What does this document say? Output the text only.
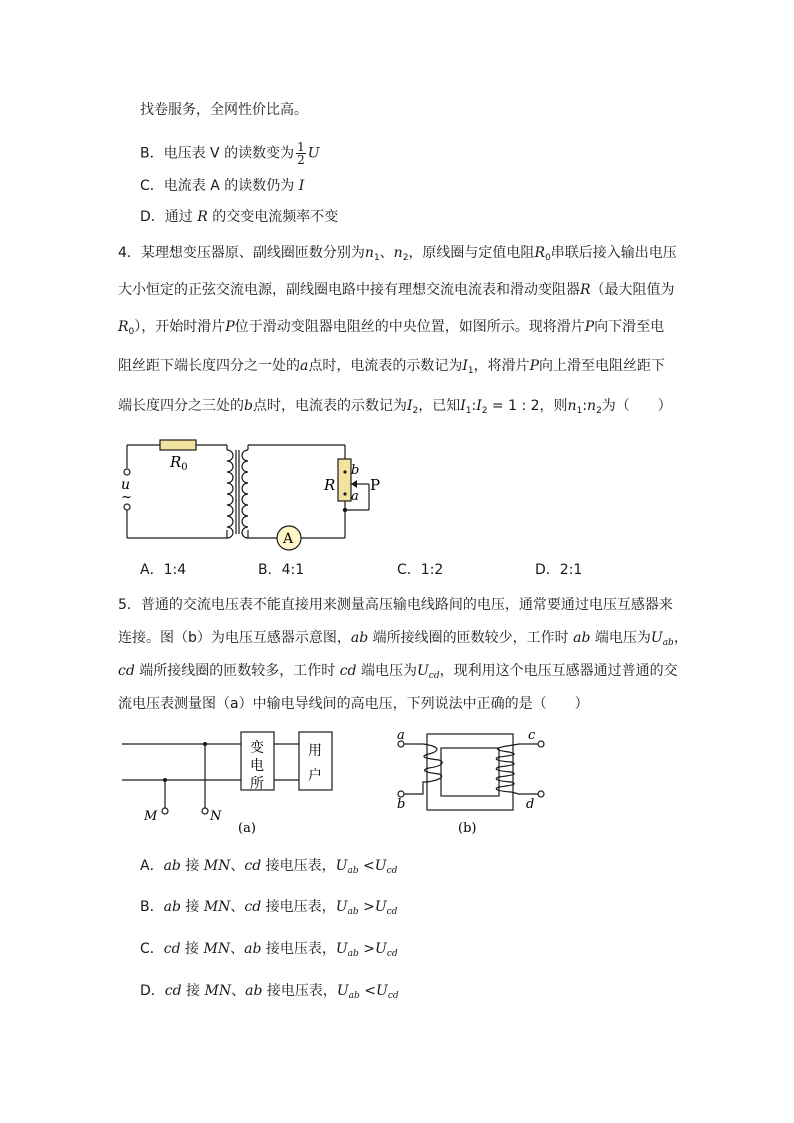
找卷服务，全网性价比高。
B．电压表 V 的读数变为 $\frac{1}{2}$ U
C．电流表 A 的读数仍为 I
D．通过 R 的交变电流频率不变
4．某理想变压器原、副线圈匝数分别为$n_1$、$n_2$，原线圈与定值电阻$R_0$串联后接入输出电压
大小恒定的正弦交流电源，副线圈电路中接有理想交流电流表和滑动变阻器R（最大阻值为
$R_0$），开始时滑片P位于滑动变阻器电阻丝的中央位置，如图所示。现将滑片P向下滑至电
阻丝距下端长度四分之一处的a点时，电流表的示数记为$I_1$，将滑片P向上滑至电阻丝距下
端长度四分之三处的b点时，电流表的示数记为$I_2$，已知$I_1:I_2 = 1$ : 2，则$n_1:n_2$为（　　）
$R_0$
u
~
R
b
a
P
A
A．1:4	B．4:1	C．1:2	D．2:1
5．普通的交流电压表不能直接用来测量高压输电线路间的电压，通常要通过电压互感器来
连接。图（b）为电压互感器示意图，ab 端所接线圈的匝数较少，工作时 ab 端电压为$U_{ab}$，
cd 端所接线圈的匝数较多，工作时 cd 端电压为$U_{cd}$，现利用这个电压互感器通过普通的交
流电压表测量图（a）中输电导线间的高电压，下列说法中正确的是（　　）
变
电
所
用
户
M	N
(a)
a
b
c
d
(b)
A．ab 接 MN、cd 接电压表，$U_{ab} <U_{cd}$
B．ab 接 MN、cd 接电压表，$U_{ab} >U_{cd}$
C．cd 接 MN、ab 接电压表，$U_{ab} >U_{cd}$
D．cd 接 MN、ab 接电压表，$U_{ab} <U_{cd}$
